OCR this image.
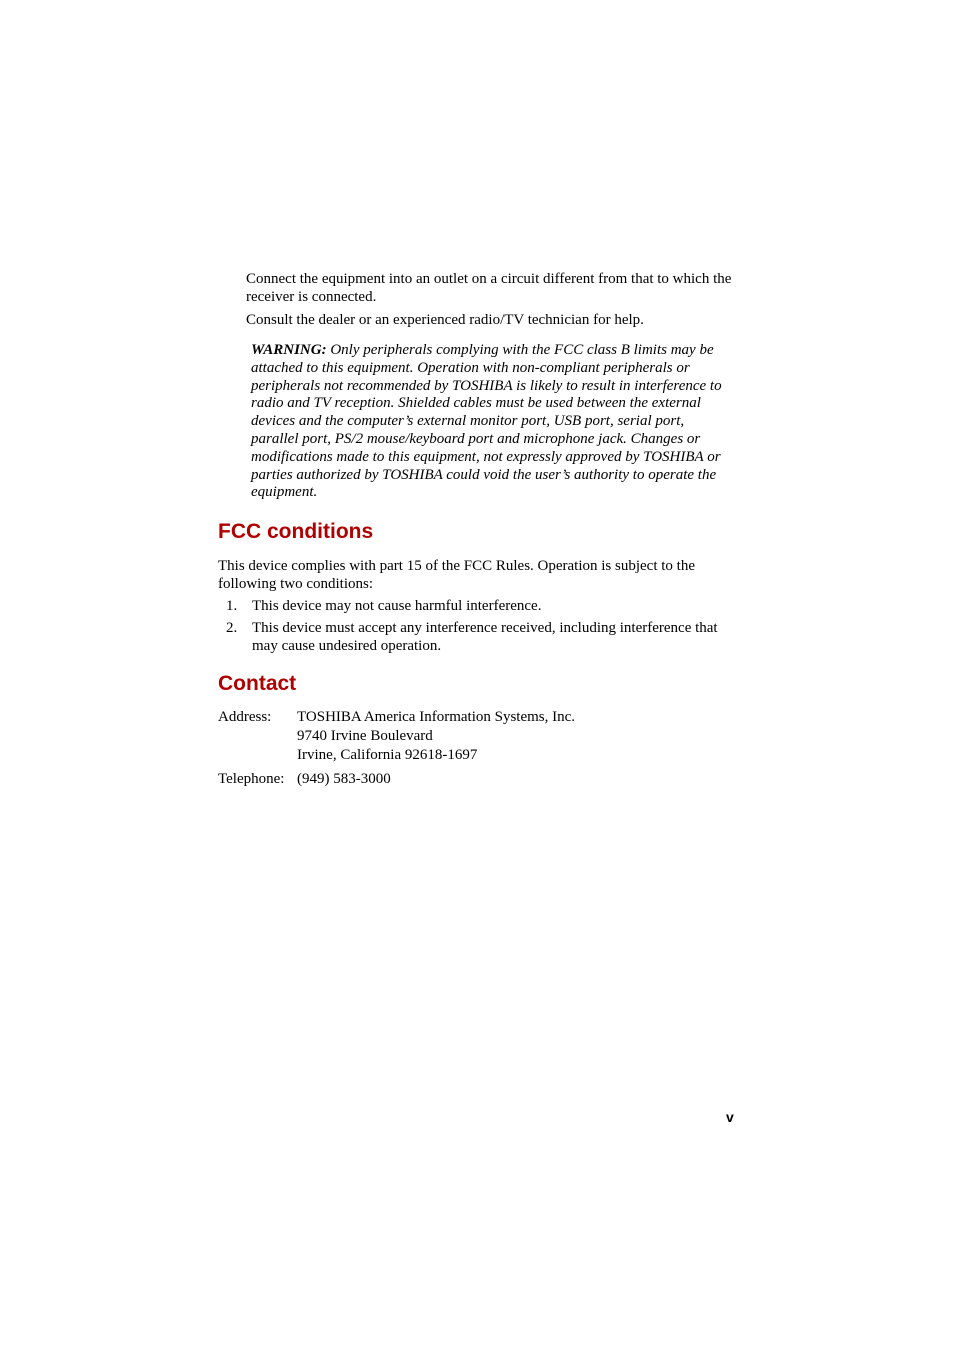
Connect the equipment into an outlet on a circuit different from that to which the receiver is connected.

Consult the dealer or an experienced radio/TV technician for help.

WARNING: Only peripherals complying with the FCC class B limits may be attached to this equipment. Operation with non-compliant peripherals or peripherals not recommended by TOSHIBA is likely to result in interference to radio and TV reception. Shielded cables must be used between the external devices and the computer’s external monitor port, USB port, serial port, parallel port, PS/2 mouse/keyboard port and microphone jack. Changes or modifications made to this equipment, not expressly approved by TOSHIBA or parties authorized by TOSHIBA could void the user’s authority to operate the equipment.

FCC conditions

This device complies with part 15 of the FCC Rules. Operation is subject to the following two conditions:

1. This device may not cause harmful interference.
2. This device must accept any interference received, including interference that may cause undesired operation.
Contact
Address: TOSHIBA America Information Systems, Inc.
9740 Irvine Boulevard
Irvine, California 92618-1697
Telephone: (949) 583-3000
v
